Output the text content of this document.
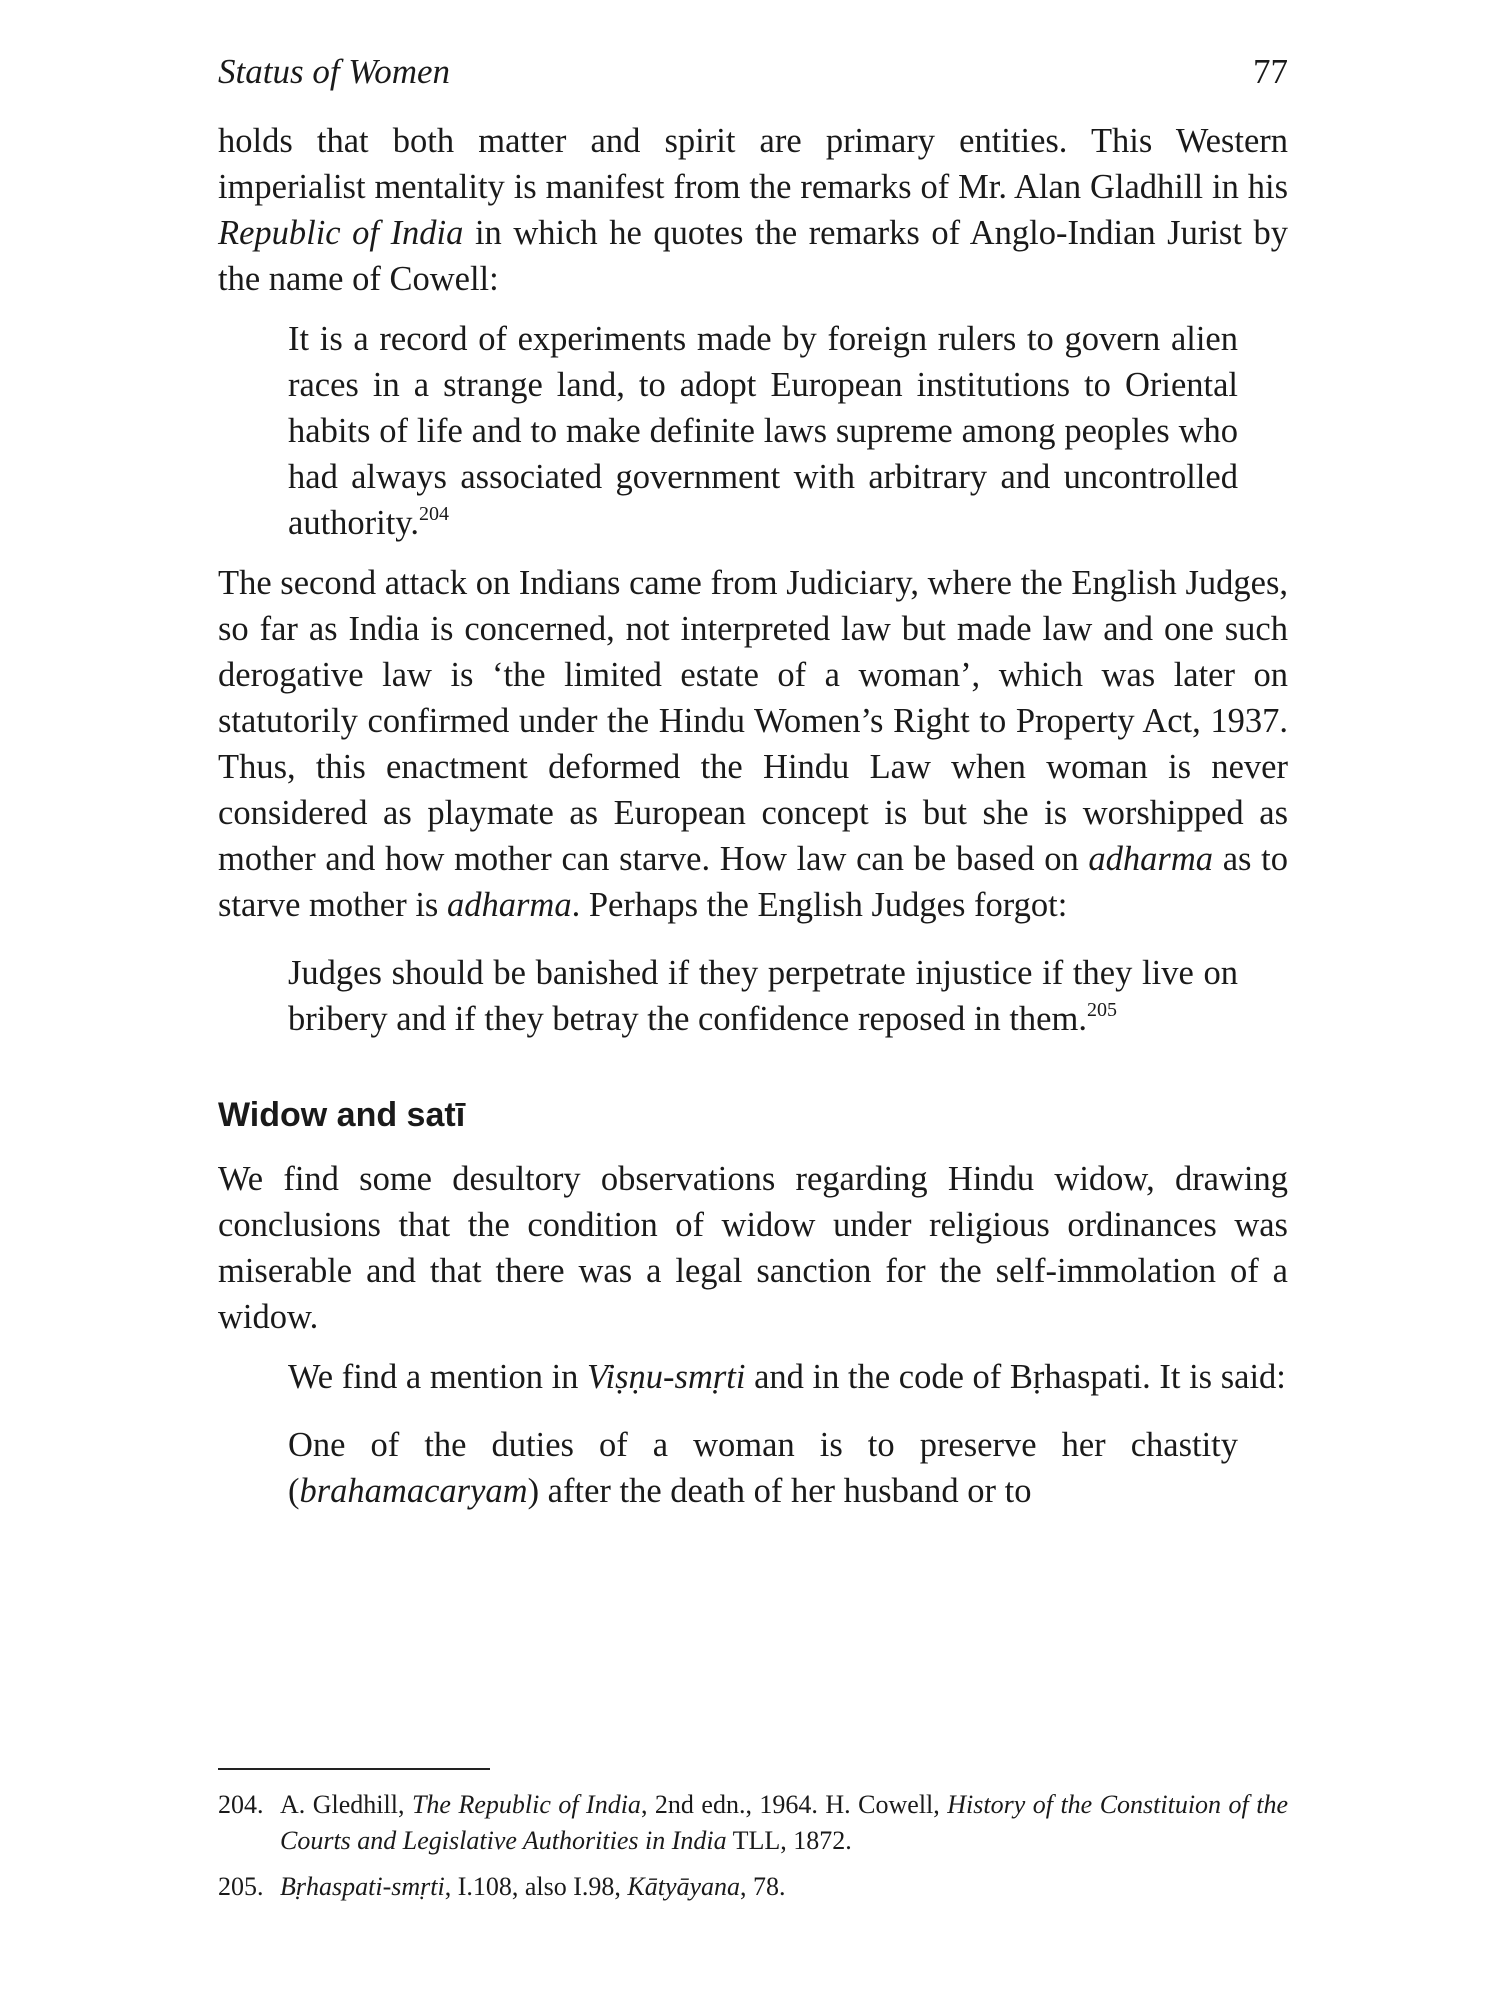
Status of Women	77

holds that both matter and spirit are primary entities. This Western imperialist mentality is manifest from the remarks of Mr. Alan Gladhill in his Republic of India in which he quotes the remarks of Anglo-Indian Jurist by the name of Cowell:

It is a record of experiments made by foreign rulers to govern alien races in a strange land, to adopt European institutions to Oriental habits of life and to make definite laws supreme among peoples who had always associated government with arbitrary and uncontrolled authority.$^{204}$

The second attack on Indians came from Judiciary, where the English Judges, so far as India is concerned, not interpreted law but made law and one such derogative law is ‘the limited estate of a woman’, which was later on statutorily confirmed under the Hindu Women’s Right to Property Act, 1937. Thus, this enactment deformed the Hindu Law when woman is never considered as playmate as European concept is but she is worshipped as mother and how mother can starve. How law can be based on adharma as to starve mother is adharma. Perhaps the English Judges forgot:

Judges should be banished if they perpetrate injustice if they live on bribery and if they betray the confidence reposed in them.$^{205}$

Widow and satī

We find some desultory observations regarding Hindu widow, drawing conclusions that the condition of widow under religious ordinances was miserable and that there was a legal sanction for the self-immolation of a widow.

We find a mention in Viṣṇu-smṛti and in the code of Bṛhaspati. It is said:

One of the duties of a woman is to preserve her chastity (brahamacaryam) after the death of her husband or to

204. A. Gledhill, The Republic of India, 2nd edn., 1964. H. Cowell, History of the Constituion of the Courts and Legislative Authorities in India TLL, 1872.
205. Bṛhaspati-smṛti, I.108, also I.98, Kātyāyana, 78.
